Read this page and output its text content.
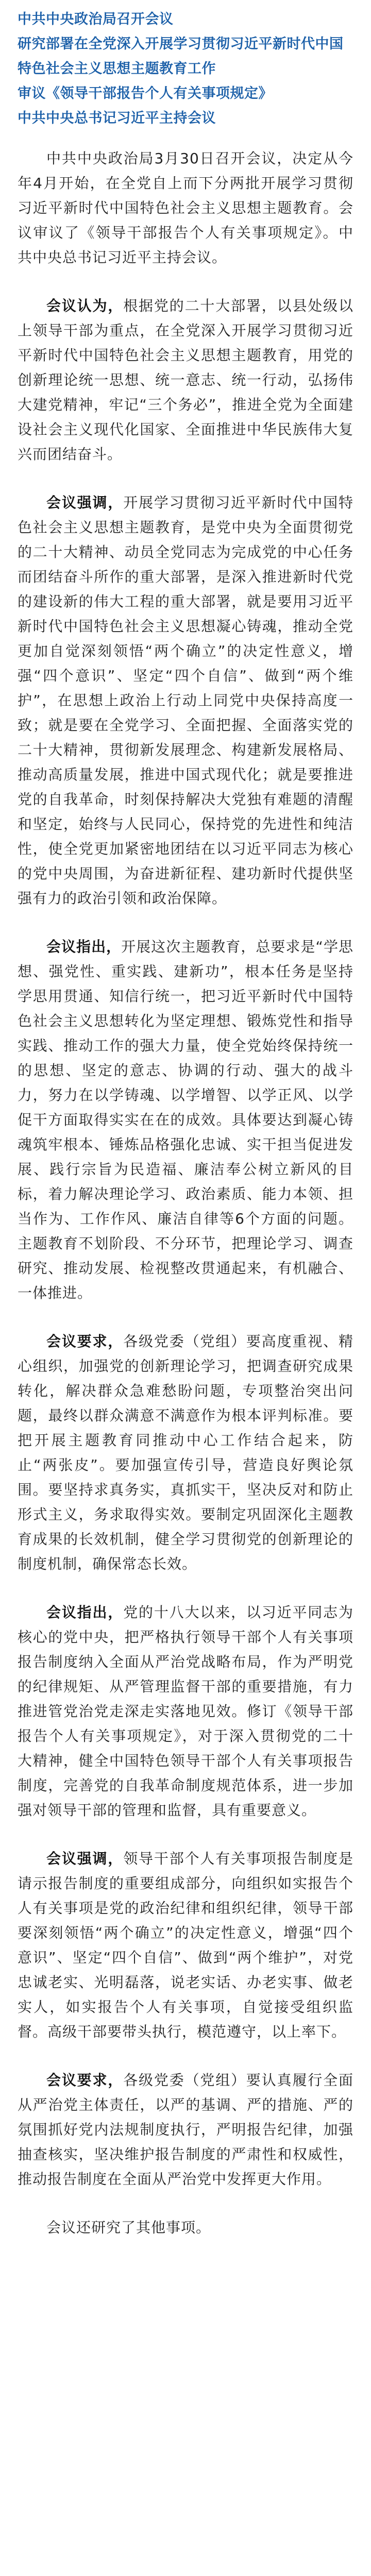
中共中央政治局召开会议
研究部署在全党深入开展学习贯彻习近平新时代中国特色社会主义思想主题教育工作
审议《领导干部报告个人有关事项规定》
中共中央总书记习近平主持会议

中共中央政治局3月30日召开会议，决定从今年4月开始，在全党自上而下分两批开展学习贯彻习近平新时代中国特色社会主义思想主题教育。会议审议了《领导干部报告个人有关事项规定》。中共中央总书记习近平主持会议。

会议认为，根据党的二十大部署，以县处级以上领导干部为重点，在全党深入开展学习贯彻习近平新时代中国特色社会主义思想主题教育，用党的创新理论统一思想、统一意志、统一行动，弘扬伟大建党精神，牢记“三个务必”，推进全党为全面建设社会主义现代化国家、全面推进中华民族伟大复兴而团结奋斗。

会议强调，开展学习贯彻习近平新时代中国特色社会主义思想主题教育，是党中央为全面贯彻党的二十大精神、动员全党同志为完成党的中心任务而团结奋斗所作的重大部署，是深入推进新时代党的建设新的伟大工程的重大部署，就是要用习近平新时代中国特色社会主义思想凝心铸魂，推动全党更加自觉深刻领悟“两个确立”的决定性意义，增强“四个意识”、坚定“四个自信”、做到“两个维护”，在思想上政治上行动上同党中央保持高度一致；就是要在全党学习、全面把握、全面落实党的二十大精神，贯彻新发展理念、构建新发展格局、推动高质量发展，推进中国式现代化；就是要推进党的自我革命，时刻保持解决大党独有难题的清醒和坚定，始终与人民同心，保持党的先进性和纯洁性，使全党更加紧密地团结在以习近平同志为核心的党中央周围，为奋进新征程、建功新时代提供坚强有力的政治引领和政治保障。

会议指出，开展这次主题教育，总要求是“学思想、强党性、重实践、建新功”，根本任务是坚持学思用贯通、知信行统一，把习近平新时代中国特色社会主义思想转化为坚定理想、锻炼党性和指导实践、推动工作的强大力量，使全党始终保持统一的思想、坚定的意志、协调的行动、强大的战斗力，努力在以学铸魂、以学增智、以学正风、以学促干方面取得实实在在的成效。具体要达到凝心铸魂筑牢根本、锤炼品格强化忠诚、实干担当促进发展、践行宗旨为民造福、廉洁奉公树立新风的目标，着力解决理论学习、政治素质、能力本领、担当作为、工作作风、廉洁自律等6个方面的问题。主题教育不划阶段、不分环节，把理论学习、调查研究、推动发展、检视整改贯通起来，有机融合、一体推进。

会议要求，各级党委（党组）要高度重视、精心组织，加强党的创新理论学习，把调查研究成果转化，解决群众急难愁盼问题，专项整治突出问题，最终以群众满意不满意作为根本评判标准。要把开展主题教育同推动中心工作结合起来，防止“两张皮”。要加强宣传引导，营造良好舆论氛围。要坚持求真务实，真抓实干，坚决反对和防止形式主义，务求取得实效。要制定巩固深化主题教育成果的长效机制，健全学习贯彻党的创新理论的制度机制，确保常态长效。

会议指出，党的十八大以来，以习近平同志为核心的党中央，把严格执行领导干部个人有关事项报告制度纳入全面从严治党战略布局，作为严明党的纪律规矩、从严管理监督干部的重要措施，有力推进管党治党走深走实落地见效。修订《领导干部报告个人有关事项规定》，对于深入贯彻党的二十大精神，健全中国特色领导干部个人有关事项报告制度，完善党的自我革命制度规范体系，进一步加强对领导干部的管理和监督，具有重要意义。

会议强调，领导干部个人有关事项报告制度是请示报告制度的重要组成部分，向组织如实报告个人有关事项是党的政治纪律和组织纪律，领导干部要深刻领悟“两个确立”的决定性意义，增强“四个意识”、坚定“四个自信”、做到“两个维护”，对党忠诚老实、光明磊落，说老实话、办老实事、做老实人，如实报告个人有关事项，自觉接受组织监督。高级干部要带头执行，模范遵守，以上率下。

会议要求，各级党委（党组）要认真履行全面从严治党主体责任，以严的基调、严的措施、严的氛围抓好党内法规制度执行，严明报告纪律，加强抽查核实，坚决维护报告制度的严肃性和权威性，推动报告制度在全面从严治党中发挥更大作用。

会议还研究了其他事项。
